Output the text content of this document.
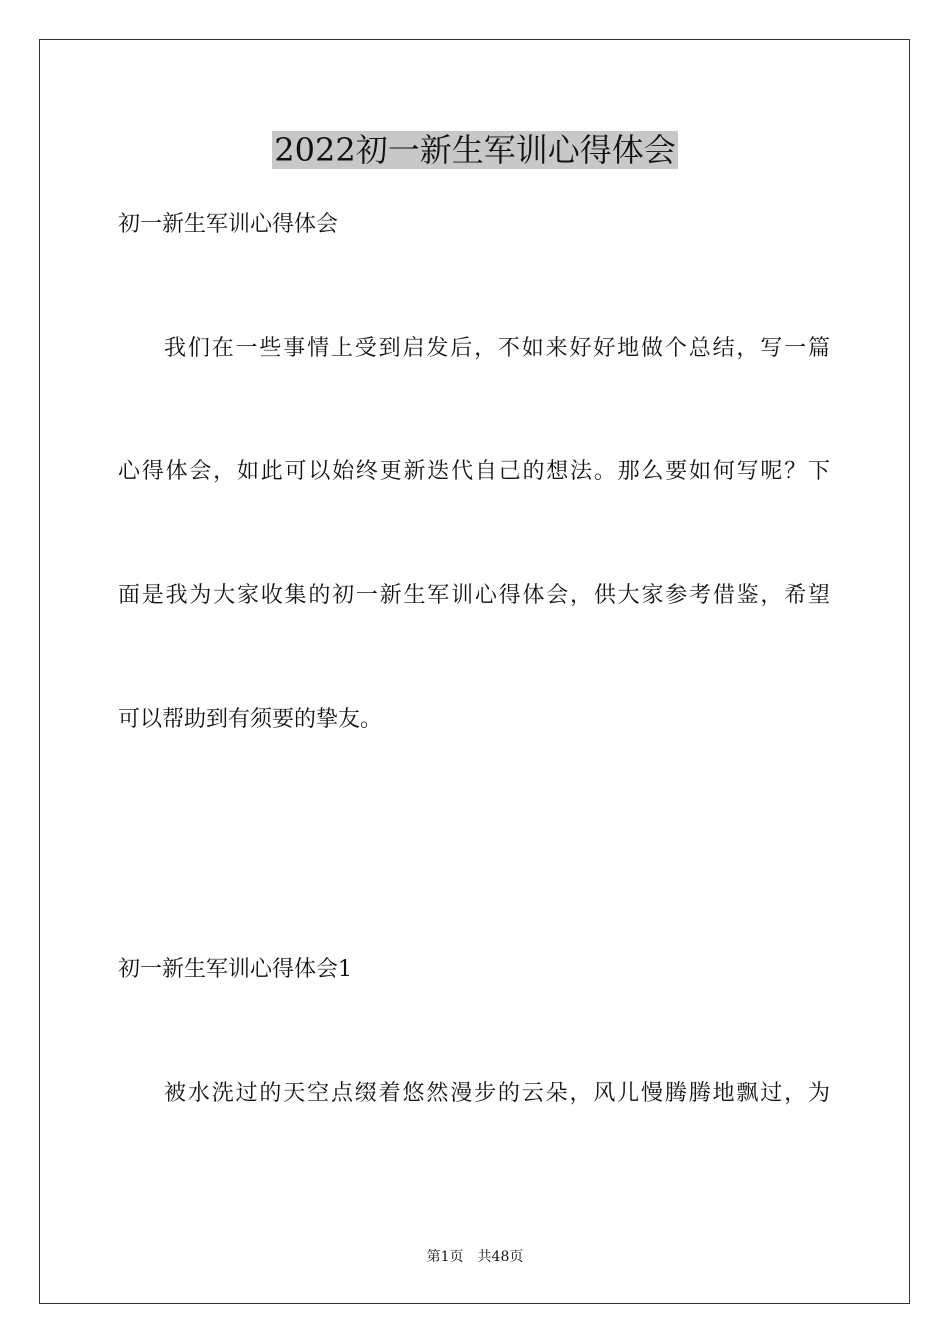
2022初一新生军训心得体会

初一新生军训心得体会

我们在一些事情上受到启发后，不如来好好地做个总结，写一篇

心得体会，如此可以始终更新迭代自己的想法。那么要如何写呢？下

面是我为大家收集的初一新生军训心得体会，供大家参考借鉴，希望

可以帮助到有须要的挚友。

初一新生军训心得体会1

被水洗过的天空点缀着悠然漫步的云朵，风儿慢腾腾地飘过，为

第1页　共48页
